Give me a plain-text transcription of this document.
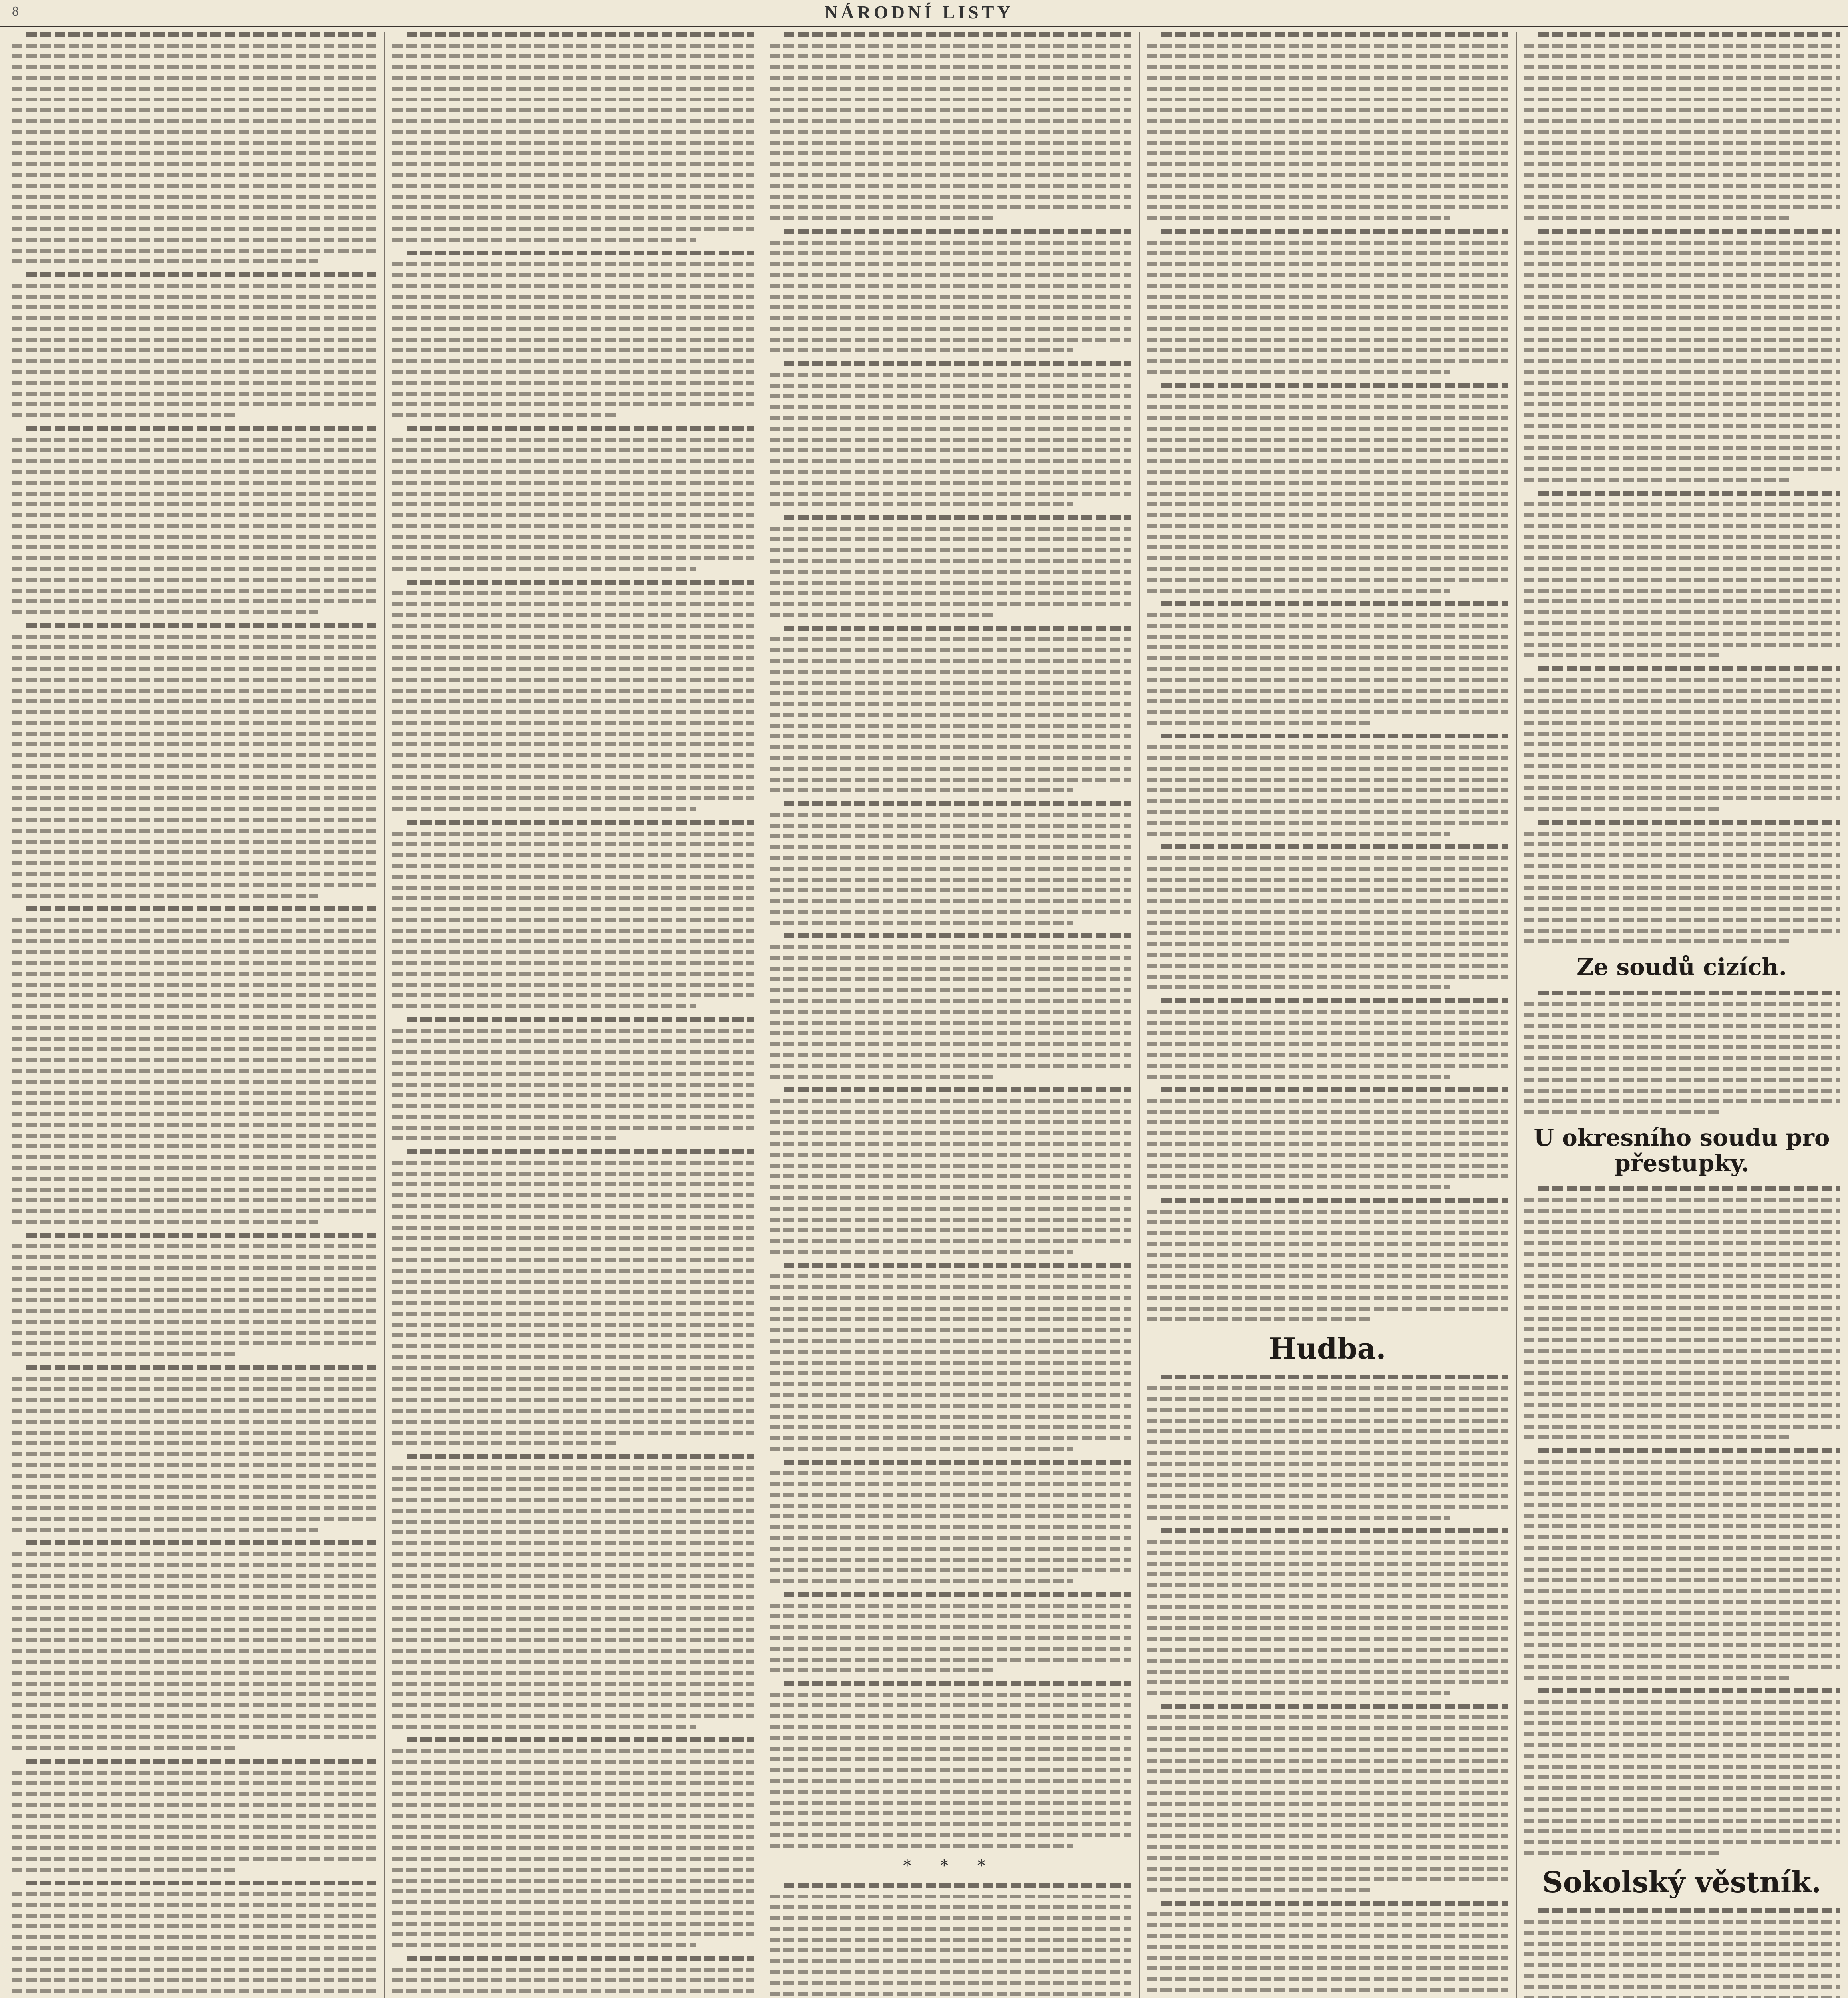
8	NÁRODNÍ LISTY
* * *
Hudba.
Ze soudů cizích.
U okresního soudu pro přestupky.
Sokolský věstník.
